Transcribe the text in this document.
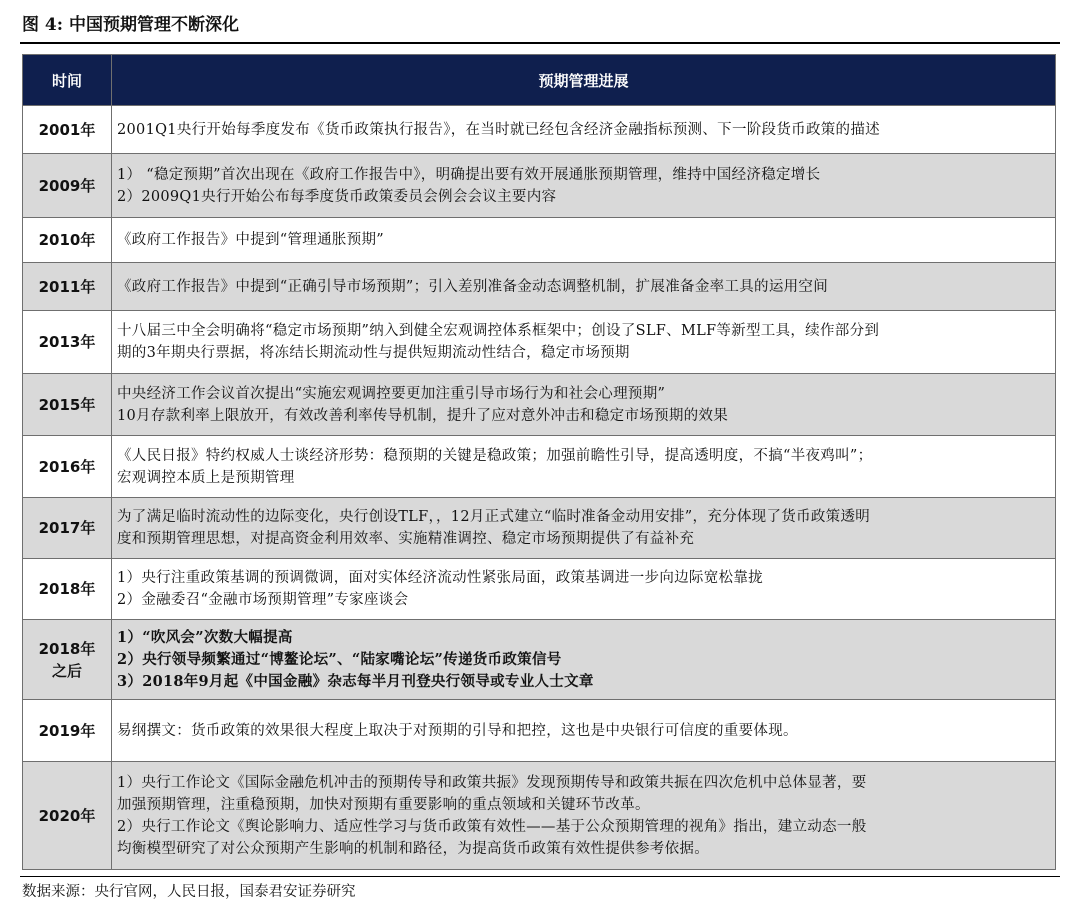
图 4: 中国预期管理不断深化
时间	预期管理进展

2001年	2001Q1央行开始每季度发布《货币政策执行报告》，在当时就已经包含经济金融指标预测、下一阶段货币政策的描述

2009年	1） “稳定预期”首次出现在《政府工作报告中》，明确提出要有效开展通胀预期管理，维持中国经济稳定增长
2）2009Q1央行开始公布每季度货币政策委员会例会会议主要内容

2010年	《政府工作报告》中提到“管理通胀预期”

2011年	《政府工作报告》中提到“正确引导市场预期”；引入差别准备金动态调整机制，扩展准备金率工具的运用空间

2013年	十八届三中全会明确将“稳定市场预期”纳入到健全宏观调控体系框架中；创设了SLF、MLF等新型工具，续作部分到
期的3年期央行票据，将冻结长期流动性与提供短期流动性结合，稳定市场预期

2015年	中央经济工作会议首次提出“实施宏观调控要更加注重引导市场行为和社会心理预期”
10月存款利率上限放开，有效改善利率传导机制，提升了应对意外冲击和稳定市场预期的效果

2016年	《人民日报》特约权威人士谈经济形势：稳预期的关键是稳政策；加强前瞻性引导，提高透明度，不搞“半夜鸡叫”；
宏观调控本质上是预期管理

2017年	为了满足临时流动性的边际变化，央行创设TLF，，12月正式建立“临时准备金动用安排”，充分体现了货币政策透明
度和预期管理思想，对提高资金利用效率、实施精准调控、稳定市场预期提供了有益补充

2018年	1）央行注重政策基调的预调微调，面对实体经济流动性紧张局面，政策基调进一步向边际宽松靠拢
2）金融委召“金融市场预期管理”专家座谈会

2018年
之后	1）“吹风会”次数大幅提高
2）央行领导频繁通过“博鳌论坛”、“陆家嘴论坛”传递货币政策信号
3）2018年9月起《中国金融》杂志每半月刊登央行领导或专业人士文章

2019年	易纲撰文：货币政策的效果很大程度上取决于对预期的引导和把控，这也是中央银行可信度的重要体现。

2020年	1）央行工作论文《国际金融危机冲击的预期传导和政策共振》发现预期传导和政策共振在四次危机中总体显著，要
加强预期管理，注重稳预期，加快对预期有重要影响的重点领域和关键环节改革。
2）央行工作论文《舆论影响力、适应性学习与货币政策有效性——基于公众预期管理的视角》指出，建立动态一般
均衡模型研究了对公众预期产生影响的机制和路径，为提高货币政策有效性提供参考依据。
数据来源：央行官网，人民日报，国泰君安证券研究
